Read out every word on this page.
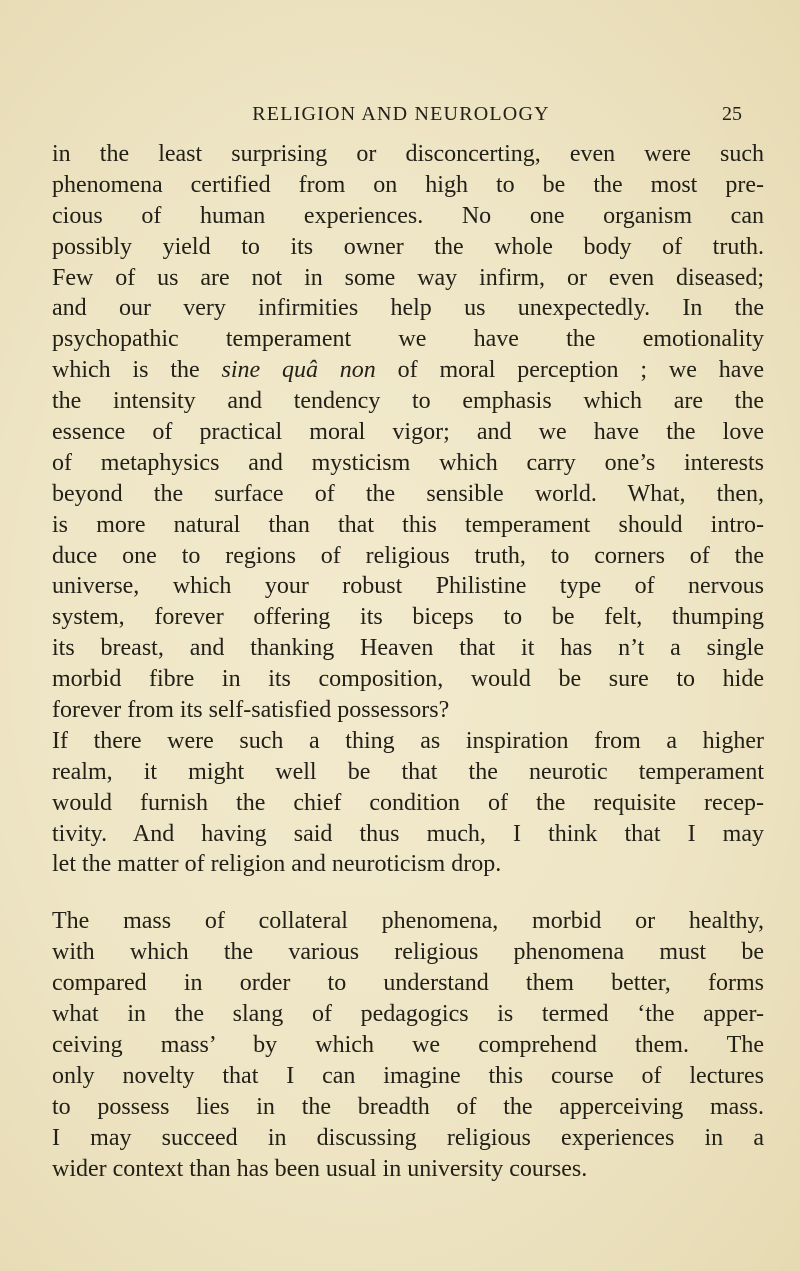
RELIGION AND NEUROLOGY	25
in the least surprising or disconcerting, even were such
phenomena certified from on high to be the most pre-
cious of human experiences. No one organism can
possibly yield to its owner the whole body of truth.
Few of us are not in some way infirm, or even diseased;
and our very infirmities help us unexpectedly. In the
psychopathic temperament we have the emotionality
which is the sine quâ non of moral perception ; we have
the intensity and tendency to emphasis which are the
essence of practical moral vigor; and we have the love
of metaphysics and mysticism which carry one’s interests
beyond the surface of the sensible world. What, then,
is more natural than that this temperament should intro-
duce one to regions of religious truth, to corners of the
universe, which your robust Philistine type of nervous
system, forever offering its biceps to be felt, thumping
its breast, and thanking Heaven that it has n’t a single
morbid fibre in its composition, would be sure to hide
forever from its self-satisfied possessors?
If there were such a thing as inspiration from a higher
realm, it might well be that the neurotic temperament
would furnish the chief condition of the requisite recep-
tivity. And having said thus much, I think that I may
let the matter of religion and neuroticism drop.
The mass of collateral phenomena, morbid or healthy,
with which the various religious phenomena must be
compared in order to understand them better, forms
what in the slang of pedagogics is termed ‘the apper-
ceiving mass’ by which we comprehend them. The
only novelty that I can imagine this course of lectures
to possess lies in the breadth of the apperceiving mass.
I may succeed in discussing religious experiences in a
wider context than has been usual in university courses.
